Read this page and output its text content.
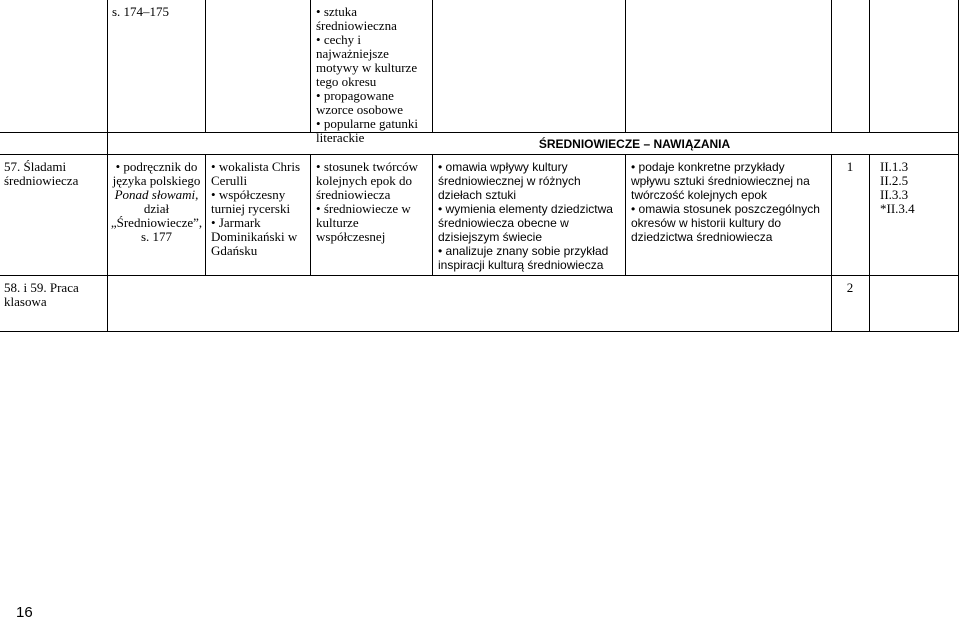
s. 174–175

•	sztuka średniowieczna

• cechy i najważniejsze motywy w kulturze tego okresu

• propagowane wzorce osobowe

• popularne gatunki literackie	ŚREDNIOWIECZE – NAWIĄZANIA
57. Śladami średniowiecza
• podręcznik do języka polskiego Ponad słowami, dział „Średniowiecze”, s. 177

• wokalista Chris Cerulli

• współczesny turniej rycerski

• Jarmark Dominikański w Gdańsku

• stosunek twórców kolejnych epok do średniowiecza

• średniowiecze w kulturze współczesnej

• omawia wpływy kultury średniowiecznej w różnych dziełach sztuki

• wymienia elementy dziedzictwa średniowiecza obecne w dzisiejszym świecie

• analizuje znany sobie przykład inspiracji kulturą średniowiecza

• podaje konkretne przykłady wpływu sztuki średniowiecznej na twórczość kolejnych epok

• omawia stosunek poszczególnych okresów w historii kultury do dziedzictwa średniowiecza

1	II.1.3

II.2.5

II.3.3

*II.3.4

58. i 59. Praca klasowa
2
16
